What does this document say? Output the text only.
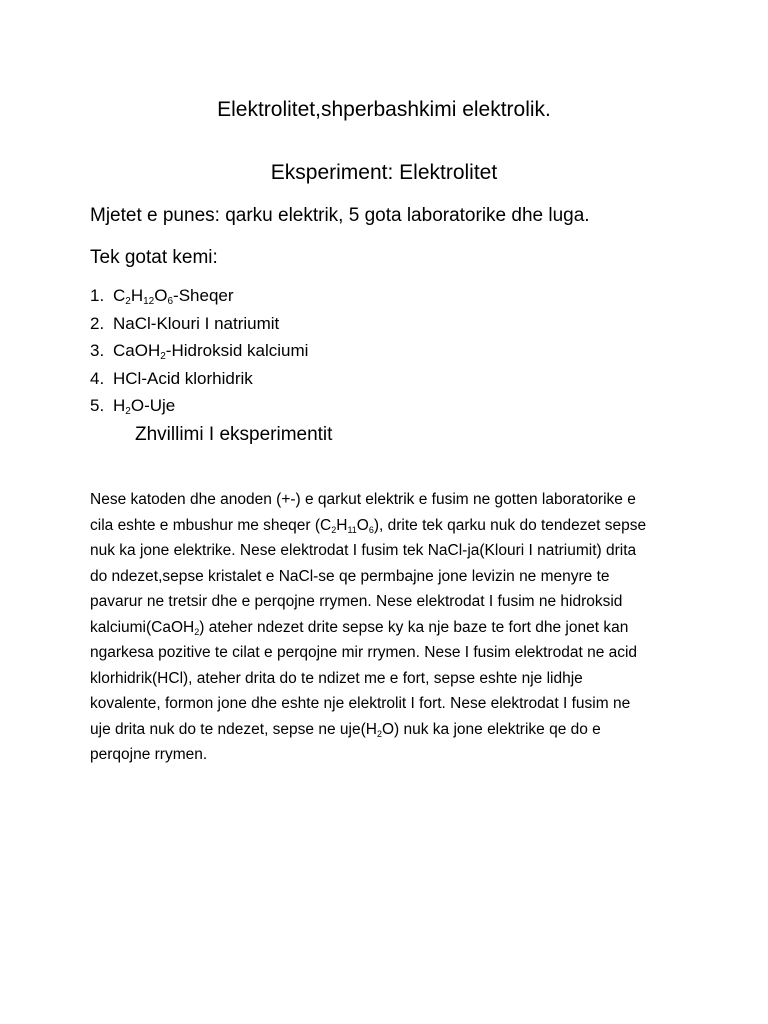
Elektrolitet,shperbashkimi elektrolik.
Eksperiment: Elektrolitet
Mjetet e punes: qarku elektrik, 5 gota laboratorike dhe luga.
Tek gotat kemi:
1. $C_2H_{12}O_6$-Sheqer
2. NaCl-Klouri I natriumit
3. CaOH$_2$-Hidroksid kalciumi
4. HCl-Acid klorhidrik
5. $H_2O$-Uje
Zhvillimi I eksperimentit
Nese katoden dhe anoden (+-) e qarkut elektrik e fusim ne gotten laboratorike e
cila eshte e mbushur me sheqer $(C_2H_{11}O_6)$, drite tek qarku nuk do tendezet sepse
nuk ka jone elektrike. Nese elektrodat I fusim tek NaCl-ja(Klouri I natriumit) drita
do ndezet,sepse kristalet e NaCl-se qe permbajne jone levizin ne menyre te
pavarur ne tretsir dhe e perqojne rrymen. Nese elektrodat I fusim ne hidroksid
kalciumi(CaOH$_2$) ateher ndezet drite sepse ky ka nje baze te fort dhe jonet kan
ngarkesa pozitive te cilat e perqojne mir rrymen. Nese I fusim elektrodat ne acid
klorhidrik(HCl), ateher drita do te ndizet me e fort, sepse eshte nje lidhje
kovalente, formon jone dhe eshte nje elektrolit I fort. Nese elektrodat I fusim ne
uje drita nuk do te ndezet, sepse ne $uje(H_2O)$ nuk ka jone elektrike qe do e
perqojne rrymen.
